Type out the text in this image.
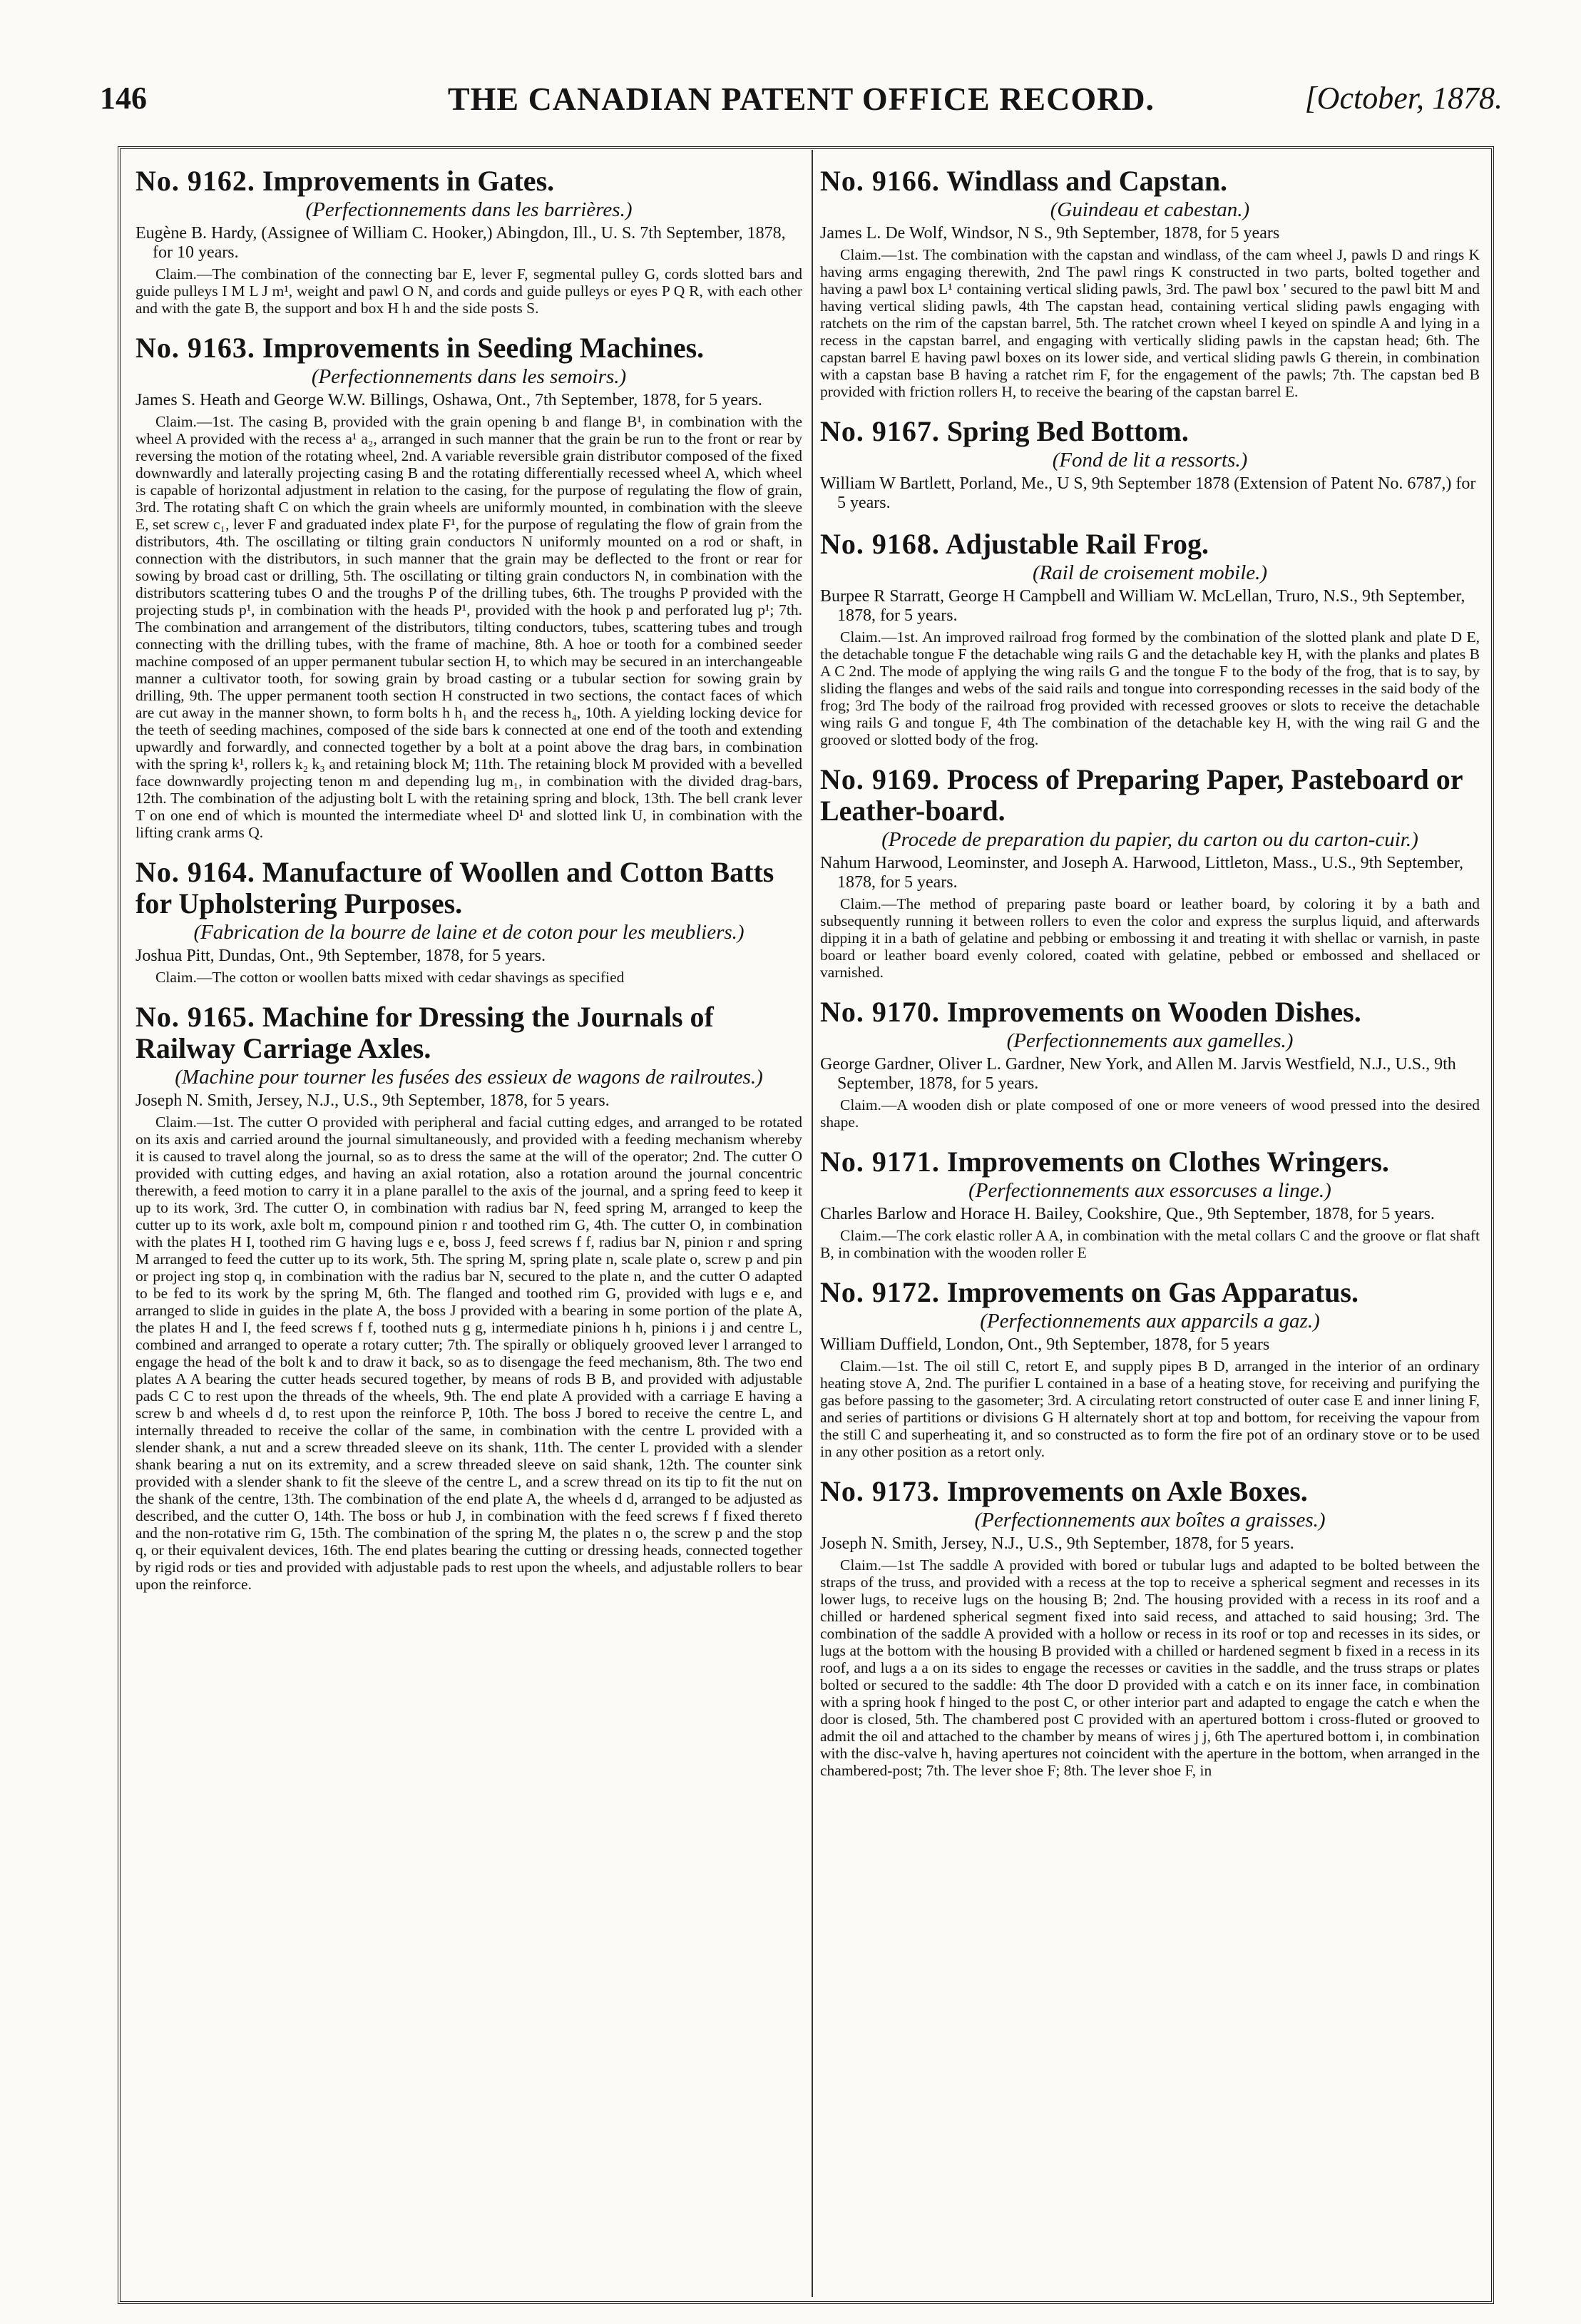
146	THE CANADIAN PATENT OFFICE RECORD.	[October, 1878.

No. 9162. Improvements in Gates.

(Perfectionnements dans les barrières.)

Eugène B. Hardy, (Assignee of William C. Hooker,) Abingdon, Ill., U. S. 7th September, 1878, for 10 years.

Claim.—The combination of the connecting bar E, lever F, segmental pulley G, cords slotted bars and guide pulleys I M L J m¹, weight and pawl O N, and cords and guide pulleys or eyes P Q R, with each other and with the gate B, the support and box H h and the side posts S.

No. 9163. Improvements in Seeding Machines.

(Perfectionnements dans les semoirs.)

James S. Heath and George W.W. Billings, Oshawa, Ont., 7th September, 1878, for 5 years.

Claim.—1st. The casing B, provided with the grain opening b and flange B¹, in combination with the wheel A provided with the recess a¹ a₂, arranged in such manner that the grain be run to the front or rear by reversing the motion of the rotating wheel, 2nd. A variable reversible grain distributor composed of the fixed downwardly and laterally projecting casing B and the rotating differentially recessed wheel A, which wheel is capable of horizontal adjustment in relation to the casing, for the purpose of regulating the flow of grain, 3rd. The rotating shaft C on which the grain wheels are uniformly mounted, in combination with the sleeve E, set screw c₁, lever F and graduated index plate F¹, for the purpose of regulating the flow of grain from the distributors, 4th. The oscillating or tilting grain conductors N uniformly mounted on a rod or shaft, in connection with the distributors, in such manner that the grain may be deflected to the front or rear for sowing by broad cast or drilling, 5th. The oscillating or tilting grain conductors N, in combination with the distributors scattering tubes O and the troughs P of the drilling tubes, 6th. The troughs P provided with the projecting studs p¹, in combination with the heads P¹, provided with the hook p and perforated lug p¹; 7th. The combination and arrangement of the distributors, tilting conductors, tubes, scattering tubes and trough connecting with the drilling tubes, with the frame of machine, 8th. A hoe or tooth for a combined seeder machine composed of an upper permanent tubular section H, to which may be secured in an interchangeable manner a cultivator tooth, for sowing grain by broad casting or a tubular section for sowing grain by drilling, 9th. The upper permanent tooth section H constructed in two sections, the contact faces of which are cut away in the manner shown, to form bolts h h₁ and the recess h₄, 10th. A yielding locking device for the teeth of seeding machines, composed of the side bars k connected at one end of the tooth and extending upwardly and forwardly, and connected together by a bolt at a point above the drag bars, in combination with the spring k¹, rollers k₂ k₃ and retaining block M; 11th. The retaining block M provided with a bevelled face downwardly projecting tenon m and depending lug m₁, in combination with the divided drag-bars, 12th. The combination of the adjusting bolt L with the retaining spring and block, 13th. The bell crank lever T on one end of which is mounted the intermediate wheel D¹ and slotted link U, in combination with the lifting crank arms Q.

No. 9164. Manufacture of Woollen and Cotton Batts for Upholstering Purposes.

(Fabrication de la bourre de laine et de coton pour les meubliers.)

Joshua Pitt, Dundas, Ont., 9th September, 1878, for 5 years.

Claim.—The cotton or woollen batts mixed with cedar shavings as specified

No. 9165. Machine for Dressing the Journals of Railway Carriage Axles.

(Machine pour tourner les fusées des essieux de wagons de railroutes.)

Joseph N. Smith, Jersey, N.J., U.S., 9th September, 1878, for 5 years.

Claim.—1st. The cutter O provided with peripheral and facial cutting edges, and arranged to be rotated on its axis and carried around the journal simultaneously, and provided with a feeding mechanism whereby it is caused to travel along the journal, so as to dress the same at the will of the operator; 2nd. The cutter O provided with cutting edges, and having an axial rotation, also a rotation around the journal concentric therewith, a feed motion to carry it in a plane parallel to the axis of the journal, and a spring feed to keep it up to its work, 3rd. The cutter O, in combination with radius bar N, feed spring M, arranged to keep the cutter up to its work, axle bolt m, compound pinion r and toothed rim G, 4th. The cutter O, in combination with the plates H I, toothed rim G having lugs e e, boss J, feed screws f f, radius bar N, pinion r and spring M arranged to feed the cutter up to its work, 5th. The spring M, spring plate n, scale plate o, screw p and pin or project ing stop q, in combination with the radius bar N, secured to the plate n, and the cutter O adapted to be fed to its work by the spring M, 6th. The flanged and toothed rim G, provided with lugs e e, and arranged to slide in guides in the plate A, the boss J provided with a bearing in some portion of the plate A, the plates H and I, the feed screws f f, toothed nuts g g, intermediate pinions h h, pinions i j and centre L, combined and arranged to operate a rotary cutter; 7th. The spirally or obliquely grooved lever l arranged to engage the head of the bolt k and to draw it back, so as to disengage the feed mechanism, 8th. The two end plates A A bearing the cutter heads secured together, by means of rods B B, and provided with adjustable pads C C to rest upon the threads of the wheels, 9th. The end plate A provided with a carriage E having a screw b and wheels d d, to rest upon the reinforce P, 10th. The boss J bored to receive the centre L, and internally threaded to receive the collar of the same, in combination with the centre L provided with a slender shank, a nut and a screw threaded sleeve on its shank, 11th. The center L provided with a slender shank bearing a nut on its extremity, and a screw threaded sleeve on said shank, 12th. The counter sink provided with a slender shank to fit the sleeve of the centre L, and a screw thread on its tip to fit the nut on the shank of the centre, 13th. The combination of the end plate A, the wheels d d, arranged to be adjusted as described, and the cutter O, 14th. The boss or hub J, in combination with the feed screws f f fixed thereto and the non-rotative rim G, 15th. The combination of the spring M, the plates n o, the screw p and the stop q, or their equivalent devices, 16th. The end plates bearing the cutting or dressing heads, connected together by rigid rods or ties and provided with adjustable pads to rest upon the wheels, and adjustable rollers to bear upon the reinforce.

No. 9166. Windlass and Capstan.

(Guindeau et cabestan.)

James L. De Wolf, Windsor, N S., 9th September, 1878, for 5 years

Claim.—1st. The combination with the capstan and windlass, of the cam wheel J, pawls D and rings K having arms engaging therewith, 2nd The pawl rings K constructed in two parts, bolted together and having a pawl box L¹ containing vertical sliding pawls, 3rd. The pawl box ' secured to the pawl bitt M and having vertical sliding pawls, 4th The capstan head, containing vertical sliding pawls engaging with ratchets on the rim of the capstan barrel, 5th. The ratchet crown wheel I keyed on spindle A and lying in a recess in the capstan barrel, and engaging with vertically sliding pawls in the capstan head; 6th. The capstan barrel E having pawl boxes on its lower side, and vertical sliding pawls G therein, in combination with a capstan base B having a ratchet rim F, for the engagement of the pawls; 7th. The capstan bed B provided with friction rollers H, to receive the bearing of the capstan barrel E.

No. 9167. Spring Bed Bottom.

(Fond de lit a ressorts.)

William W Bartlett, Porland, Me., U S, 9th September 1878 (Extension of Patent No. 6787,) for 5 years.

No. 9168. Adjustable Rail Frog.

(Rail de croisement mobile.)

Burpee R Starratt, George H Campbell and William W. McLellan, Truro, N.S., 9th September, 1878, for 5 years.

Claim.—1st. An improved railroad frog formed by the combination of the slotted plank and plate D E, the detachable tongue F the detachable wing rails G and the detachable key H, with the planks and plates B A C 2nd. The mode of applying the wing rails G and the tongue F to the body of the frog, that is to say, by sliding the flanges and webs of the said rails and tongue into corresponding recesses in the said body of the frog; 3rd The body of the railroad frog provided with recessed grooves or slots to receive the detachable wing rails G and tongue F, 4th The combination of the detachable key H, with the wing rail G and the grooved or slotted body of the frog.

No. 9169. Process of Preparing Paper, Pasteboard or Leather-board.

(Procede de preparation du papier, du carton ou du carton-cuir.)

Nahum Harwood, Leominster, and Joseph A. Harwood, Littleton, Mass., U.S., 9th September, 1878, for 5 years.

Claim.—The method of preparing paste board or leather board, by coloring it by a bath and subsequently running it between rollers to even the color and express the surplus liquid, and afterwards dipping it in a bath of gelatine and pebbing or embossing it and treating it with shellac or varnish, in paste board or leather board evenly colored, coated with gelatine, pebbed or embossed and shellaced or varnished.

No. 9170. Improvements on Wooden Dishes.

(Perfectionnements aux gamelles.)

George Gardner, Oliver L. Gardner, New York, and Allen M. Jarvis Westfield, N.J., U.S., 9th September, 1878, for 5 years.

Claim.—A wooden dish or plate composed of one or more veneers of wood pressed into the desired shape.

No. 9171. Improvements on Clothes Wringers.

(Perfectionnements aux essorcuses a linge.)

Charles Barlow and Horace H. Bailey, Cookshire, Que., 9th September, 1878, for 5 years.

Claim.—The cork elastic roller A A, in combination with the metal collars C and the groove or flat shaft B, in combination with the wooden roller E

No. 9172. Improvements on Gas Apparatus.

(Perfectionnements aux apparcils a gaz.)

William Duffield, London, Ont., 9th September, 1878, for 5 years

Claim.—1st. The oil still C, retort E, and supply pipes B D, arranged in the interior of an ordinary heating stove A, 2nd. The purifier L contained in a base of a heating stove, for receiving and purifying the gas before passing to the gasometer; 3rd. A circulating retort constructed of outer case E and inner lining F, and series of partitions or divisions G H alternately short at top and bottom, for receiving the vapour from the still C and superheating it, and so constructed as to form the fire pot of an ordinary stove or to be used in any other position as a retort only.

No. 9173. Improvements on Axle Boxes.

(Perfectionnements aux boîtes a graisses.)

Joseph N. Smith, Jersey, N.J., U.S., 9th September, 1878, for 5 years.

Claim.—1st The saddle A provided with bored or tubular lugs and adapted to be bolted between the straps of the truss, and provided with a recess at the top to receive a spherical segment and recesses in its lower lugs, to receive lugs on the housing B; 2nd. The housing provided with a recess in its roof and a chilled or hardened spherical segment fixed into said recess, and attached to said housing; 3rd. The combination of the saddle A provided with a hollow or recess in its roof or top and recesses in its sides, or lugs at the bottom with the housing B provided with a chilled or hardened segment b fixed in a recess in its roof, and lugs a a on its sides to engage the recesses or cavities in the saddle, and the truss straps or plates bolted or secured to the saddle: 4th The door D provided with a catch e on its inner face, in combination with a spring hook f hinged to the post C, or other interior part and adapted to engage the catch e when the door is closed, 5th. The chambered post C provided with an apertured bottom i cross-fluted or grooved to admit the oil and attached to the chamber by means of wires j j, 6th The apertured bottom i, in combination with the disc-valve h, having apertures not coincident with the aperture in the bottom, when arranged in the chambered-post; 7th. The lever shoe F; 8th. The lever shoe F, in
